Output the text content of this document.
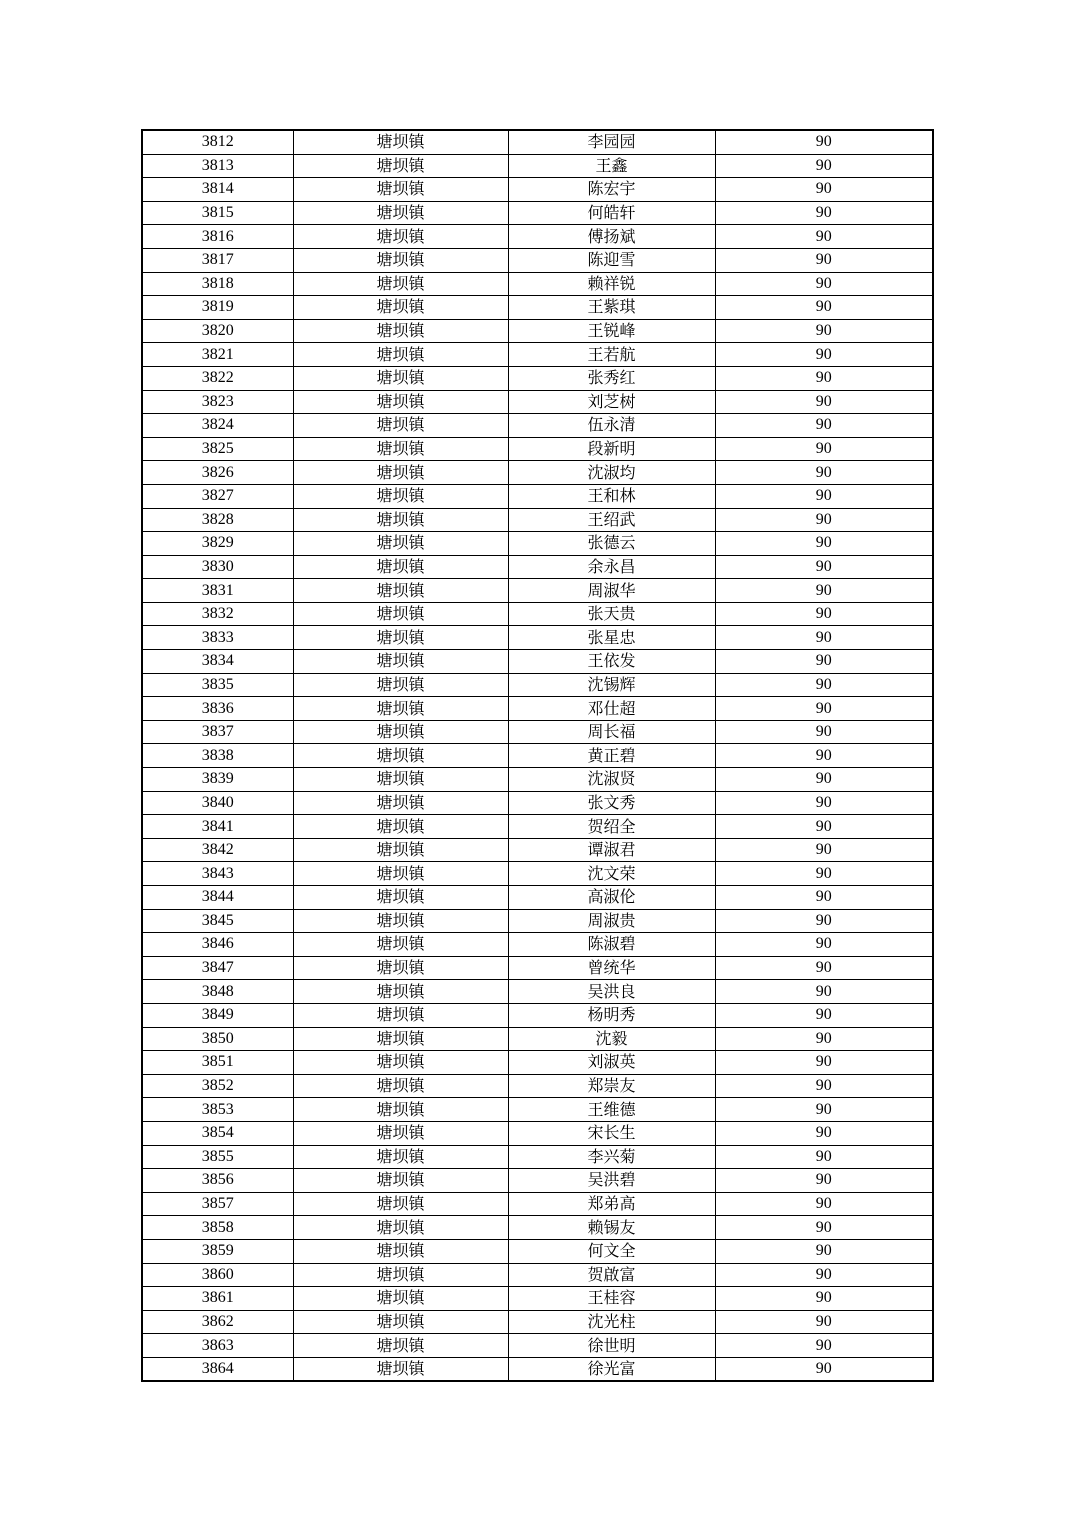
3812	塘坝镇	李园园	90
3813	塘坝镇	王鑫	90
3814	塘坝镇	陈宏宇	90
3815	塘坝镇	何皓轩	90
3816	塘坝镇	傅扬斌	90
3817	塘坝镇	陈迎雪	90
3818	塘坝镇	赖祥锐	90
3819	塘坝镇	王紫琪	90
3820	塘坝镇	王锐峰	90
3821	塘坝镇	王若航	90
3822	塘坝镇	张秀红	90
3823	塘坝镇	刘芝树	90
3824	塘坝镇	伍永清	90
3825	塘坝镇	段新明	90
3826	塘坝镇	沈淑均	90
3827	塘坝镇	王和林	90
3828	塘坝镇	王绍武	90
3829	塘坝镇	张德云	90
3830	塘坝镇	余永昌	90
3831	塘坝镇	周淑华	90
3832	塘坝镇	张天贵	90
3833	塘坝镇	张星忠	90
3834	塘坝镇	王依发	90
3835	塘坝镇	沈锡辉	90
3836	塘坝镇	邓仕超	90
3837	塘坝镇	周长福	90
3838	塘坝镇	黄正碧	90
3839	塘坝镇	沈淑贤	90
3840	塘坝镇	张文秀	90
3841	塘坝镇	贺绍全	90
3842	塘坝镇	谭淑君	90
3843	塘坝镇	沈文荣	90
3844	塘坝镇	高淑伦	90
3845	塘坝镇	周淑贵	90
3846	塘坝镇	陈淑碧	90
3847	塘坝镇	曾统华	90
3848	塘坝镇	吴洪良	90
3849	塘坝镇	杨明秀	90
3850	塘坝镇	沈毅	90
3851	塘坝镇	刘淑英	90
3852	塘坝镇	郑崇友	90
3853	塘坝镇	王维德	90
3854	塘坝镇	宋长生	90
3855	塘坝镇	李兴菊	90
3856	塘坝镇	吴洪碧	90
3857	塘坝镇	郑弟高	90
3858	塘坝镇	赖锡友	90
3859	塘坝镇	何文全	90
3860	塘坝镇	贺啟富	90
3861	塘坝镇	王桂容	90
3862	塘坝镇	沈光柱	90
3863	塘坝镇	徐世明	90
3864	塘坝镇	徐光富	90
